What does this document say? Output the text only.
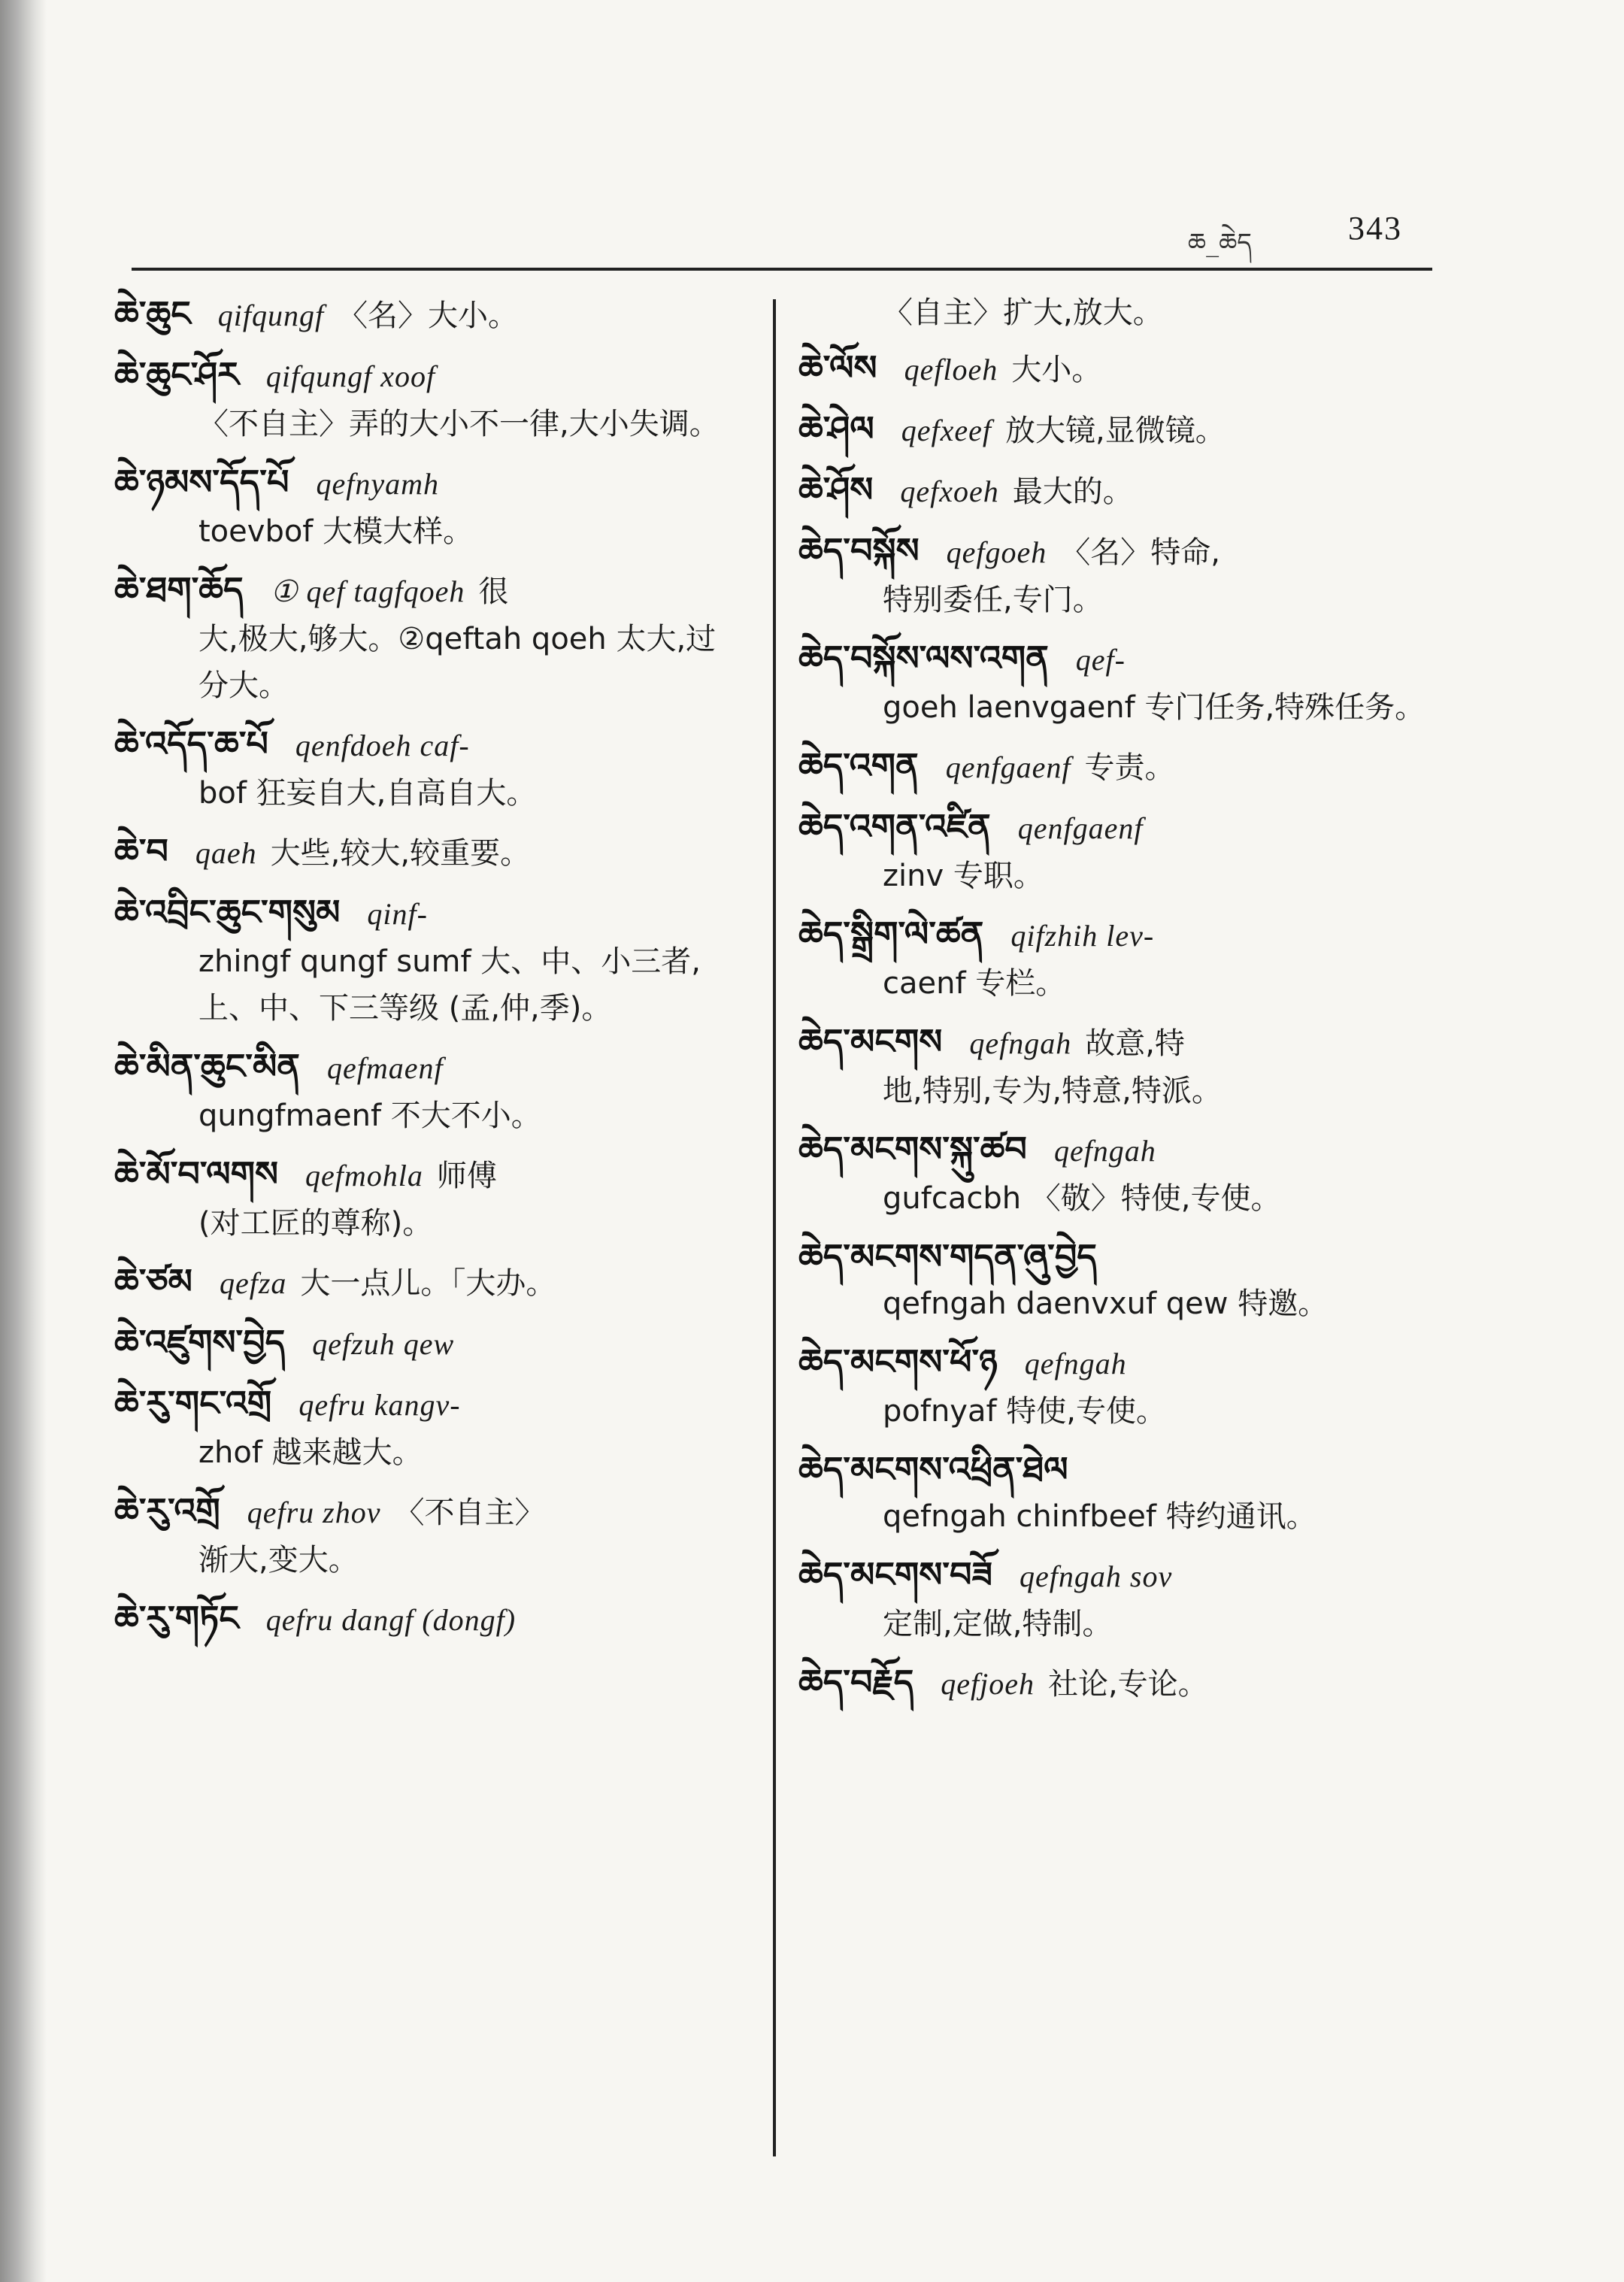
ཆ_ཆེད	343
ཆེ་ཆུང qifqungf 〈名〉大小。
ཆེ་ཆུང་ཤོར qifqungf xoof
〈不自主〉弄的大小不一律,大小失调。
ཆེ་ཉམས་དོད་པོ qefnyamh
toevbof 大模大样。
ཆེ་ཐག་ཆོད ① qef tagfqoeh 很
大,极大,够大。②qeftah qoeh 太大,过分大。
ཆེ་འདོད་ཆ་པོ qenfdoeh caf-
bof 狂妄自大,自高自大。
ཆེ་བ qaeh 大些,较大,较重要。
ཆེ་འབྲིང་ཆུང་གསུམ qinf-
zhingf qungf sumf 大、中、小三者, 上、中、下三等级 (孟,仲,季)。
ཆེ་མིན་ཆུང་མིན qefmaenf
qungfmaenf 不大不小。
ཆེ་མོ་བ་ལགས qefmohla 师傅
(对工匠的尊称)。
ཆེ་ཙམ qefza 大一点儿。「大办。
ཆེ་འཛུགས་བྱེད qefzuh qew
ཆེ་རུ་གང་འགྲོ qefru kangv-
zhof 越来越大。
ཆེ་རུ་འགྲོ qefru zhov 〈不自主〉
渐大,变大。
ཆེ་རུ་གཏོང qefru dangf (dongf)
〈自主〉扩大,放大。
ཆེ་ལོས qefloeh 大小。
ཆེ་ཤེལ qefxeef 放大镜,显微镜。
ཆེ་ཤོས qefxoeh 最大的。
ཆེད་བསྐོས qefgoeh 〈名〉特命,
特别委任,专门。
ཆེད་བསྐོས་ལས་འགན qef-
goeh laenvgaenf 专门任务,特殊任务。
ཆེད་འགན qenfgaenf 专责。
ཆེད་འགན་འཛིན qenfgaenf
zinv 专职。
ཆེད་སྒྲིག་ལེ་ཚན qifzhih lev-
caenf 专栏。
ཆེད་མངགས qefngah 故意,特
地,特别,专为,特意,特派。
ཆེད་མངགས་སྐུ་ཚབ qefngah
gufcacbh 〈敬〉特使,专使。
ཆེད་མངགས་གདན་ཞུ་བྱེད
qefngah daenvxuf qew 特邀。
ཆེད་མངགས་ཕོ་ཉ qefngah
pofnyaf 特使,专使。
ཆེད་མངགས་འཕྲིན་ཐེལ
qefngah chinfbeef 特约通讯。
ཆེད་མངགས་བཟོ qefngah sov
定制,定做,特制。
ཆེད་བརྗོད qefjoeh 社论,专论。
